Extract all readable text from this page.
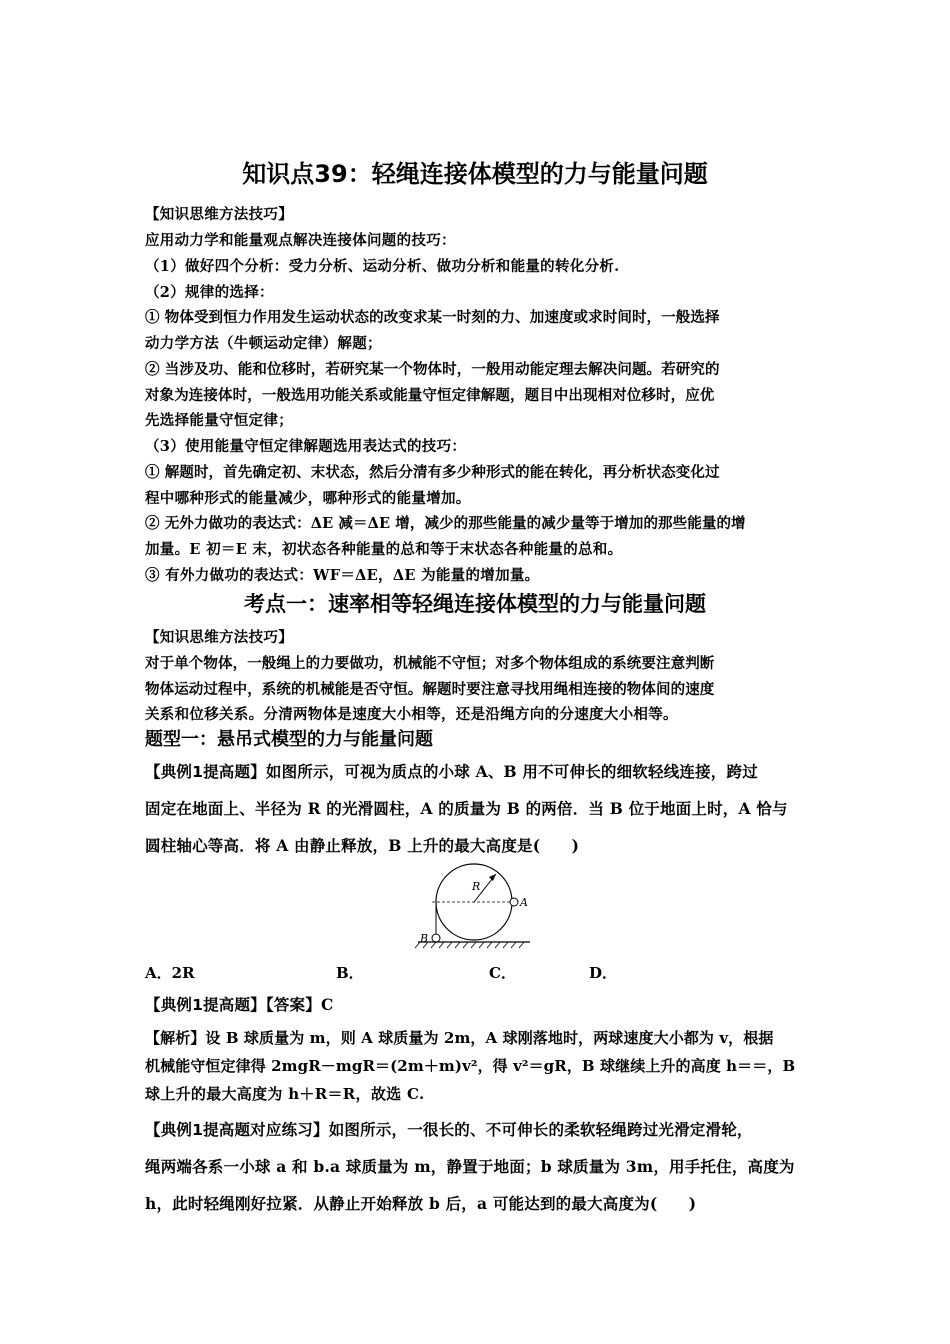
知识点39：轻绳连接体模型的力与能量问题
【知识思维方法技巧】
应用动力学和能量观点解决连接体问题的技巧：
（1）做好四个分析：受力分析、运动分析、做功分析和能量的转化分析.
（2）规律的选择：
① 物体受到恒力作用发生运动状态的改变求某一时刻的力、加速度或求时间时，一般选择
动力学方法（牛顿运动定律）解题；
② 当涉及功、能和位移时，若研究某一个物体时，一般用动能定理去解决问题。若研究的
对象为连接体时，一般选用功能关系或能量守恒定律解题，题目中出现相对位移时，应优
先选择能量守恒定律；
（3）使用能量守恒定律解题选用表达式的技巧：
① 解题时，首先确定初、末状态，然后分清有多少种形式的能在转化，再分析状态变化过
程中哪种形式的能量减少，哪种形式的能量增加。
② 无外力做功的表达式：ΔE 减＝ΔE 增，减少的那些能量的减少量等于增加的那些能量的增
加量。E 初＝E 末，初状态各种能量的总和等于末状态各种能量的总和。
③ 有外力做功的表达式：WF＝ΔE，ΔE 为能量的增加量。
考点一：速率相等轻绳连接体模型的力与能量问题
【知识思维方法技巧】
对于单个物体，一般绳上的力要做功，机械能不守恒；对多个物体组成的系统要注意判断
物体运动过程中，系统的机械能是否守恒。解题时要注意寻找用绳相连接的物体间的速度
关系和位移关系。分清两物体是速度大小相等，还是沿绳方向的分速度大小相等。
题型一：悬吊式模型的力与能量问题
【典例1提高题】如图所示，可视为质点的小球 A、B 用不可伸长的细软轻线连接，跨过
固定在地面上、半径为 R 的光滑圆柱，A 的质量为 B 的两倍．当 B 位于地面上时，A 恰与
圆柱轴心等高．将 A 由静止释放，B 上升的最大高度是(　　)
R
A
B
A．2R	B．	C．	D．
【典例1提高题】【答案】C
【解析】设 B 球质量为 m，则 A 球质量为 2m，A 球刚落地时，两球速度大小都为 v，根据
机械能守恒定律得 2mgR－mgR＝(2m＋m)v²，得 v²＝gR，B 球继续上升的高度 h＝＝，B
球上升的最大高度为 h＋R＝R，故选 C.
【典例1提高题对应练习】如图所示，一很长的、不可伸长的柔软轻绳跨过光滑定滑轮，
绳两端各系一小球 a 和 b.a 球质量为 m，静置于地面；b 球质量为 3m，用手托住，高度为
h，此时轻绳刚好拉紧．从静止开始释放 b 后，a 可能达到的最大高度为(　　)
